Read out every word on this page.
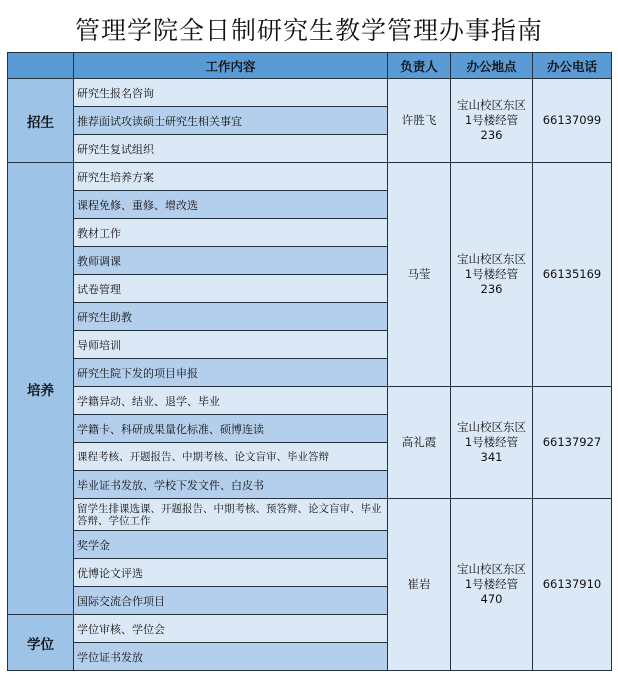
管理学院全日制研究生教学管理办事指南
	工作内容	负责人	办公地点	办公电话
招生	研究生报名咨询	许胜飞	宝山校区东区
1号楼经管
236	66137099
	推荐面试攻读硕士研究生相关事宜			
	研究生复试组织			
培养	研究生培养方案	马莹	宝山校区东区
1号楼经管
236	66135169
	课程免修、重修、增改选			
	教材工作			
	教师调课			
	试卷管理			
	研究生助教			
	导师培训			
	研究生院下发的项目申报			
	学籍异动、结业、退学、毕业	高礼霞	宝山校区东区
1号楼经管
341	66137927
	学籍卡、科研成果量化标准、硕博连读			
	课程考核、开题报告、中期考核、论文盲审、毕业答辩			
	毕业证书发放、学校下发文件、白皮书			
	留学生排课选课、开题报告、中期考核、预答辩、论文盲审、毕业答辩、学位工作	崔岩	宝山校区东区
1号楼经管
470	66137910
	奖学金			
	优博论文评选			
	国际交流合作项目			
学位	学位审核、学位会			
	学位证书发放			
